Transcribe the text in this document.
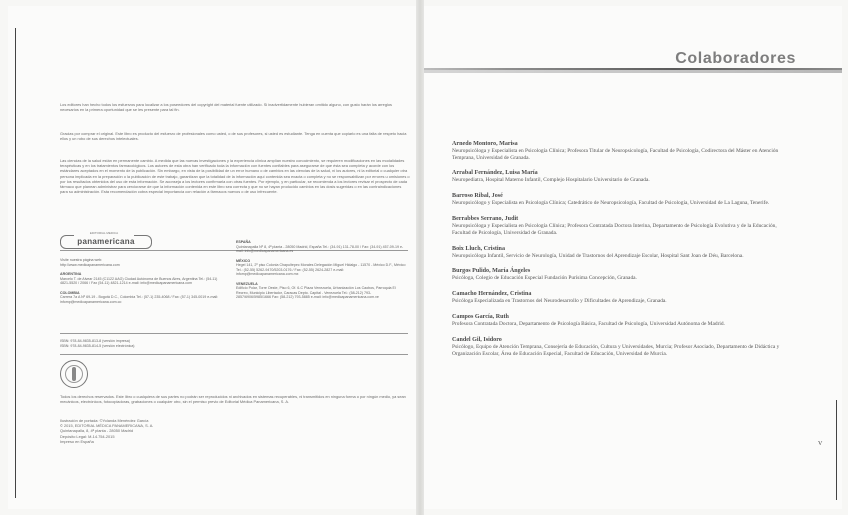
Los editores han hecho todos los esfuerzos para localizar a los poseedores del copyright del material fuente utilizado. Si inadvertidamente hubieran omitido alguno, con gusto harán los arreglos necesarios en la primera oportunidad que se les presente para tal fin.

Gracias por comprar el original. Este libro es producto del esfuerzo de profesionales como usted, o de sus profesores, si usted es estudiante. Tenga en cuenta que copiarlo es una falta de respeto hacia ellos y un robo de sus derechos intelectuales.

Las ciencias de la salud están en permanente cambio. A medida que las nuevas investigaciones y la experiencia clínica amplían nuestro conocimiento, se requieren modificaciones en las modalidades terapéuticas y en los tratamientos farmacológicos. Los autores de esta obra han verificado toda la información con fuentes confiables para asegurarse de que ésta sea completa y acorde con los estándares aceptados en el momento de la publicación. Sin embargo, en vista de la posibilidad de un error humano o de cambios en las ciencias de la salud, ni los autores, ni la editorial o cualquier otra persona implicada en la preparación o la publicación de este trabajo, garantizan que la totalidad de la información aquí contenida sea exacta o completa y no se responsabilizan por errores u omisiones o por los resultados obtenidos del uso de esta información. Se aconseja a los lectores confirmarla con otras fuentes. Por ejemplo, y en particular, se recomienda a los lectores revisar el prospecto de cada fármaco que planean administrar para cerciorarse de que la información contenida en este libro sea correcta y que no se hayan producido cambios en las dosis sugeridas o en las contraindicaciones para su administración. Esta recomendación cobra especial importancia con relación a fármacos nuevos o de uso infrecuente.

panamericana
EDITORIAL MEDICA
Visite nuestra página web:
http://www.medicapanamericana.com
ARGENTINA
Marcelo T. de Alvear 2145 (C1122 AAG) Ciudad Autónoma de Buenos Aires, Argentina Tel.: (54-11) 4821-5520 / 2066 / Fax (54-11) 4821-1214 e-mail: info@medicapanamericana.com
COLOMBIA
Carrera 7a A Nº 69-19 - Bogotá D.C., Colombia Tel.: (57-1) 235-4068 / Fax: (57-1) 345-0019 e-mail: infomp@medicapanamericana.com.co
ESPAÑA
Quintanapalla Nº 8, 4ª planta - 28050 Madrid, España Tel.: (34-91) 131-78-00 / Fax: (34-91) 457-09-19 e-mail: info@medicapanamericana.es
MÉXICO
Hegel 141, 2º piso Colonia Chapultepec Morales Delegación Miguel Hidalgo - 11570 - México D.F., México Tel.: (52-55) 5262-9470/5203-0176 / Fax: (52-55) 2624-2827 e-mail: infomp@medicapanamericana.com.mx
VENEZUELA
Edificio Polar, Torre Oeste, Piso 6, Of. 6-C Plaza Venezuela, Urbanización Los Caobos, Parroquia El Recreo, Municipio Libertador, Caracas Depto. Capital - Venezuela Tel.: (58-212) 793-2857/6906/5985/1666 Fax: (58-212) 793-5885 e-mail: info@medicapanamericana.com.ve
ISBN: 978-84-9835-813-8 (versión impresa)
ISBN: 978-84-9835-814-5 (versión electrónica)

Todos los derechos reservados. Este libro o cualquiera de sus partes no podrán ser reproducidos ni archivados en sistemas recuperables, ni transmitidos en ninguna forma o por ningún medio, ya sean mecánicos, electrónicos, fotocopiadoras, grabaciones o cualquier otro, sin el permiso previo de Editorial Médica Panamericana, S. A.

Ilustración de portada: ©Yolanda Menéndez García
© 2015, EDITORIAL MÉDICA PANAMERICANA, S. A.
Quintanapalla, 8, 4ª planta - 28050 Madrid
Depósito Legal: M-14.754-2015
Impreso en España
Colaboradores
Arnedo Montoro, Marisa
Neuropsicóloga y Especialista en Psicología Clínica; Profesora Titular de Neuropsicología, Facultad de Psicología, Codirectora del Máster en Atención Temprana, Universidad de Granada.
Arrabal Fernández, Luisa María
Neuropediatra, Hospital Materno Infantil, Complejo Hospitalario Universitario de Granada.
Barroso Ribal, José
Neuropsicólogo y Especialista en Psicología Clínica; Catedrático de Neuropsicología, Facultad de Psicología, Universidad de La Laguna, Tenerife.
Berrabbes Serrano, Judit
Neuropsicóloga y Especialista en Psicología Clínica; Profesora Contratada Doctora Interina, Departamento de Psicología Evolutiva y de la Educación, Facultad de Psicología, Universidad de Granada.
Boix Lluch, Cristina
Neuropsicóloga Infantil, Servicio de Neurología, Unidad de Trastornos del Aprendizaje Escolar, Hospital Sant Joan de Déu, Barcelona.
Burgos Pulido, María Ángeles
Psicóloga, Colegio de Educación Especial Fundación Purísima Concepción, Granada.
Camacho Hernández, Cristina
Psicóloga Especializada en Trastornos del Neurodesarrollo y Dificultades de Aprendizaje, Granada.
Campos García, Ruth
Profesora Contratada Doctora, Departamento de Psicología Básica, Facultad de Psicología, Universidad Autónoma de Madrid.
Candel Gil, Isidoro
Psicólogo, Equipo de Atención Temprana, Consejería de Educación, Cultura y Universidades, Murcia; Profesor Asociado, Departamento de Didáctica y Organización Escolar, Área de Educación Especial, Facultad de Educación, Universidad de Murcia.
V
